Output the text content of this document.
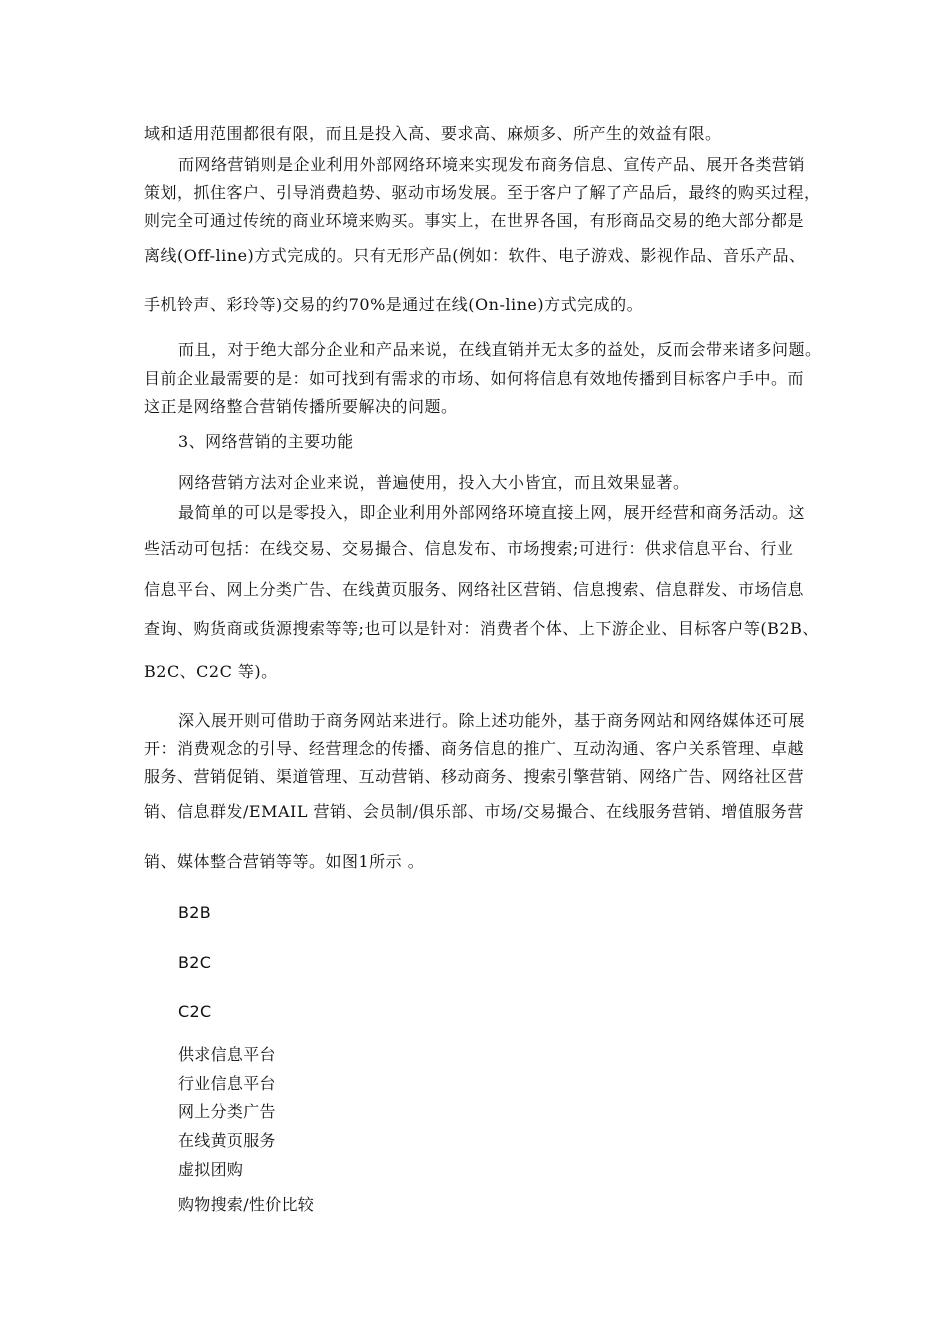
域和适用范围都很有限，而且是投入高、要求高、麻烦多、所产生的效益有限。
而网络营销则是企业利用外部网络环境来实现发布商务信息、宣传产品、展开各类营销
策划，抓住客户、引导消费趋势、驱动市场发展。至于客户了解了产品后，最终的购买过程，
则完全可通过传统的商业环境来购买。事实上，在世界各国，有形商品交易的绝大部分都是
离线(Off-line)方式完成的。只有无形产品(例如：软件、电子游戏、影视作品、音乐产品、
手机铃声、彩玲等)交易的约70%是通过在线(On-line)方式完成的。
而且，对于绝大部分企业和产品来说，在线直销并无太多的益处，反而会带来诸多问题。
目前企业最需要的是：如可找到有需求的市场、如何将信息有效地传播到目标客户手中。而
这正是网络整合营销传播所要解决的问题。
3、网络营销的主要功能
网络营销方法对企业来说，普遍使用，投入大小皆宜，而且效果显著。
最简单的可以是零投入，即企业利用外部网络环境直接上网，展开经营和商务活动。这
些活动可包括：在线交易、交易撮合、信息发布、市场搜索;可进行：供求信息平台、行业
信息平台、网上分类广告、在线黄页服务、网络社区营销、信息搜索、信息群发、市场信息
查询、购货商或货源搜索等等;也可以是针对：消费者个体、上下游企业、目标客户等(B2B、
B2C、C2C 等)。
深入展开则可借助于商务网站来进行。除上述功能外，基于商务网站和网络媒体还可展
开：消费观念的引导、经营理念的传播、商务信息的推广、互动沟通、客户关系管理、卓越
服务、营销促销、渠道管理、互动营销、移动商务、搜索引擎营销、网络广告、网络社区营
销、信息群发/EMAIL 营销、会员制/俱乐部、市场/交易撮合、在线服务营销、增值服务营
销、媒体整合营销等等。如图1所示 。
B2B
B2C
C2C
供求信息平台
行业信息平台
网上分类广告
在线黄页服务
虚拟团购
购物搜索/性价比较
